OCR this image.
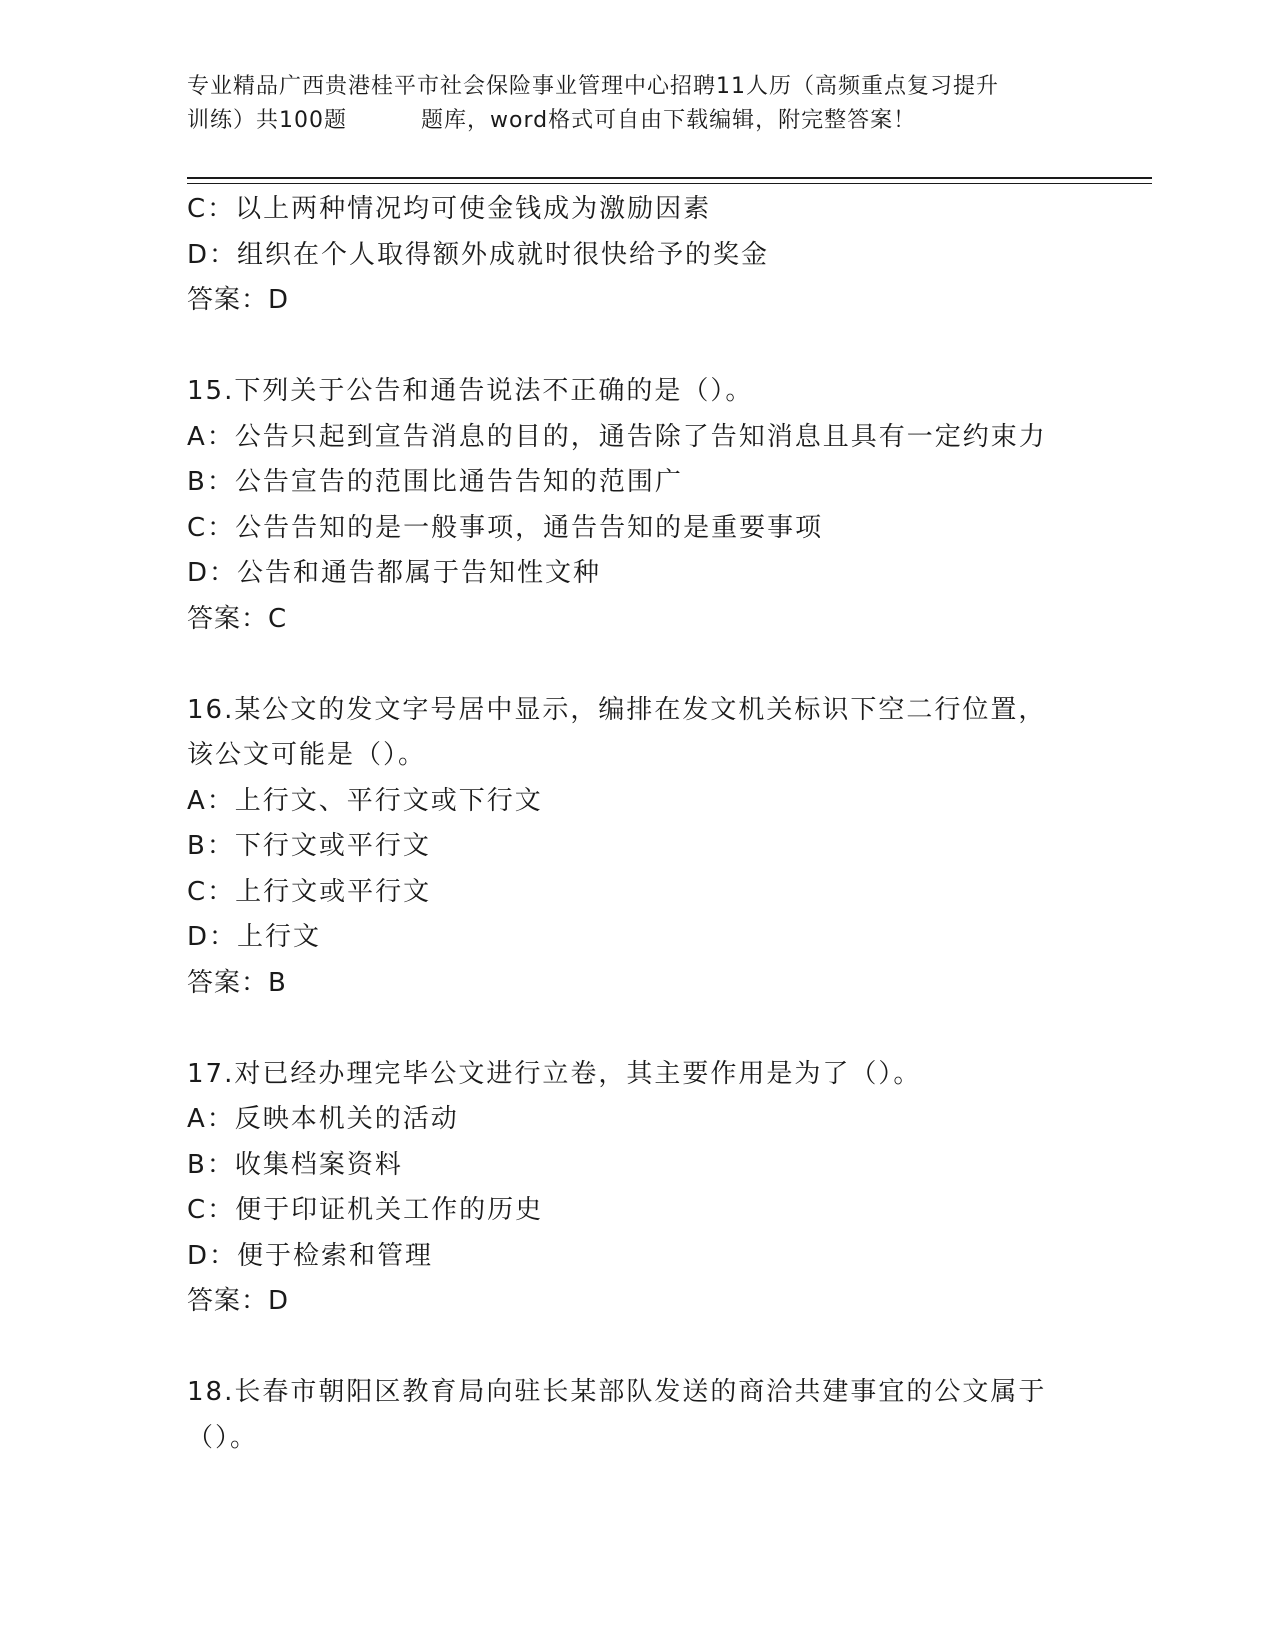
专业精品广西贵港桂平市社会保险事业管理中心招聘11人历（高频重点复习提升
训练）共100题	题库，word格式可自由下载编辑，附完整答案！
C：以上两种情况均可使金钱成为激励因素
D：组织在个人取得额外成就时很快给予的奖金
答案：D
15.下列关于公告和通告说法不正确的是（）。
A：公告只起到宣告消息的目的，通告除了告知消息且具有一定约束力
B：公告宣告的范围比通告告知的范围广
C：公告告知的是一般事项，通告告知的是重要事项
D：公告和通告都属于告知性文种
答案：C
16.某公文的发文字号居中显示，编排在发文机关标识下空二行位置，
该公文可能是（）。
A：上行文、平行文或下行文
B：下行文或平行文
C：上行文或平行文
D：上行文
答案：B
17.对已经办理完毕公文进行立卷，其主要作用是为了（）。
A：反映本机关的活动
B：收集档案资料
C：便于印证机关工作的历史
D：便于检索和管理
答案：D
18.长春市朝阳区教育局向驻长某部队发送的商洽共建事宜的公文属于
（）。
